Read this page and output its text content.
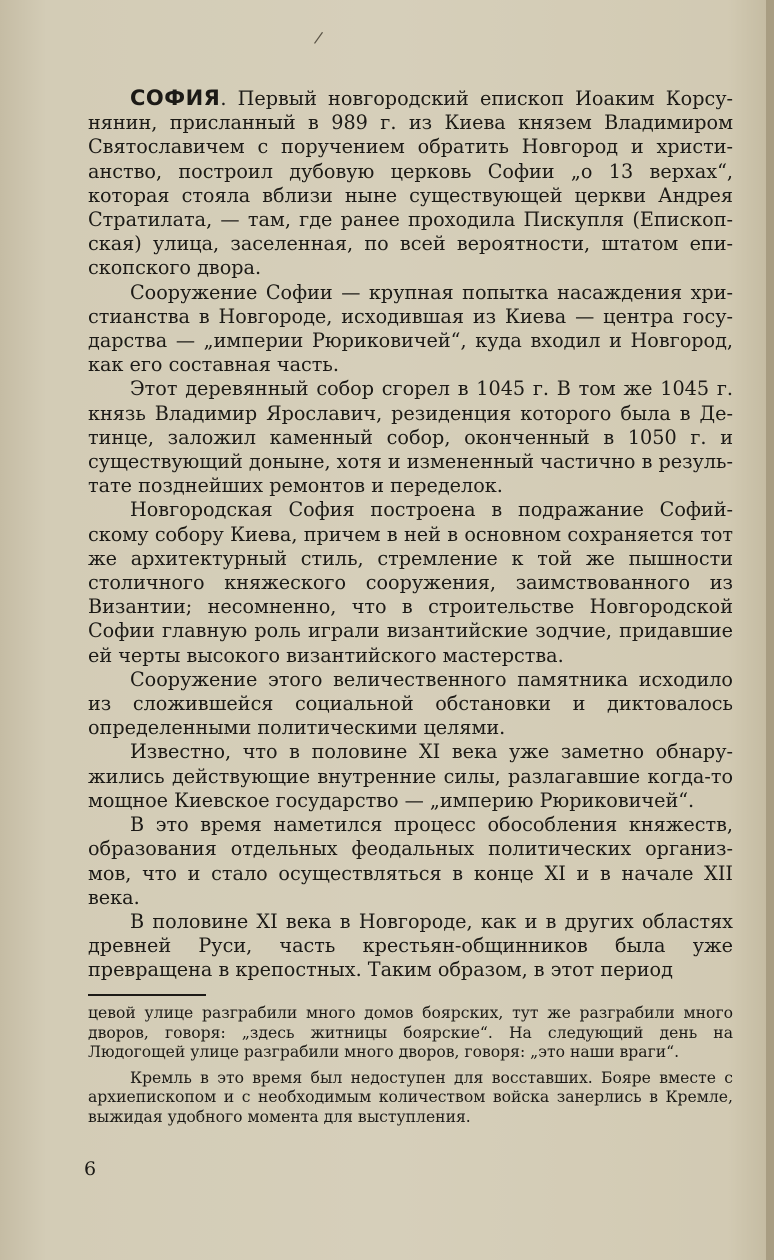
/

СОФИЯ. Первый новгородский епископ Иоаким Корсунянин, присланный в 989 г. из Киева князем Владимиром Святославичем с поручением обратить Новгород и христианство, построил дубовую церковь Софии „о 13 верхах“, которая стояла вблизи ныне существующей церкви Андрея Стратилата, — там, где ранее проходила Пискупля (Епископская) улица, заселенная, по всей вероятности, штатом епископского двора.

Сооружение Софии — крупная попытка насаждения христианства в Новгороде, исходившая из Киева — центра государства — „империи Рюриковичей“, куда входил и Новгород, как его составная часть.

Этот деревянный собор сгорел в 1045 г. В том же 1045 г. князь Владимир Ярославич, резиденция которого была в Детинце, заложил каменный собор, оконченный в 1050 г. и существующий доныне, хотя и измененный частично в результате позднейших ремонтов и переделок.

Новгородская София построена в подражание Софийскому собору Киева, причем в ней в основном сохраняется тот же архитектурный стиль, стремление к той же пышности столичного княжеского сооружения, заимствованного из Византии; несомненно, что в строительстве Новгородской Софии главную роль играли византийские зодчие, придавшие ей черты высокого византийского мастерства.

Сооружение этого величественного памятника исходило из сложившейся социальной обстановки и диктовалось определенными политическими целями.

Известно, что в половине XI века уже заметно обнаружились действующие внутренние силы, разлагавшие когда-то мощное Киевское государство — „империю Рюриковичей“.

В это время наметился процесс обособления княжеств, образования отдельных феодальных политических организмов, что и стало осуществляться в конце XI и в начале XII века.

В половине XI века в Новгороде, как и в других областях древней Руси, часть крестьян-общинников была уже превращена в крепостных. Таким образом, в этот период

цевой улице разграбили много домов боярских, тут же разграбили много дворов, говоря: „здесь житницы боярские“. На следующий день на Людогощей улице разграбили много дворов, говоря: „это наши враги“.

Кремль в это время был недоступен для восставших. Бояре вместе с архиепископом и с необходимым количеством войска занерлись в Кремле, выжидая удобного момента для выступления.

6
